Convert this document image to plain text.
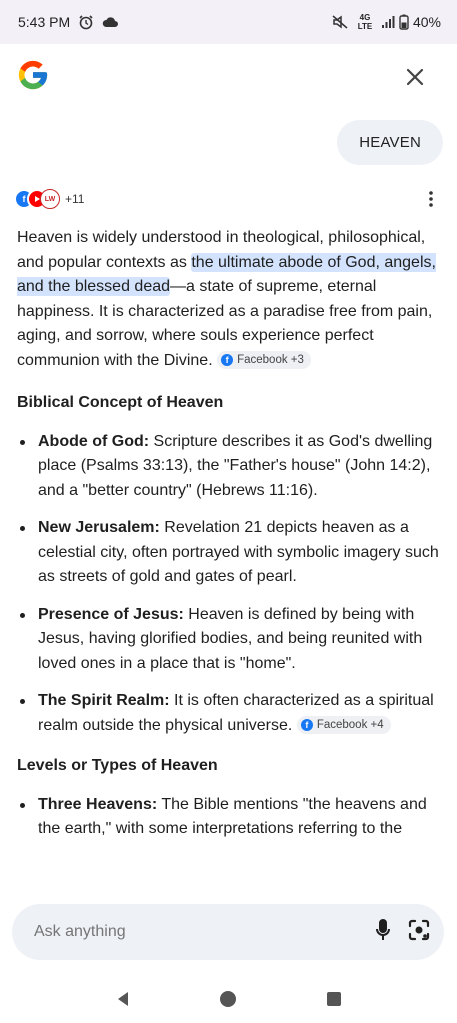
5:43 PM	4G LTE	40%
HEAVEN
f	LW +11

Heaven is widely understood in theological, philosophical, and popular contexts as the ultimate abode of God, angels, and the blessed dead—a state of supreme, eternal happiness. It is characterized as a paradise free from pain, aging, and sorrow, where souls experience perfect communion with the Divine.	f Facebook +3

Biblical Concept of Heaven
Abode of God: Scripture describes it as God's dwelling place (Psalms 33:13), the "Father's house" (John 14:2), and a "better country" (Hebrews 11:16).
New Jerusalem: Revelation 21 depicts heaven as a celestial city, often portrayed with symbolic imagery such as streets of gold and gates of pearl.
Presence of Jesus: Heaven is defined by being with Jesus, having glorified bodies, and being reunited with loved ones in a place that is "home".
The Spirit Realm: It is often characterized as a spiritual realm outside the physical universe.	f Facebook +4
Levels or Types of Heaven
Three Heavens: The Bible mentions "the heavens and the earth," with some interpretations referring to the
Ask anything
